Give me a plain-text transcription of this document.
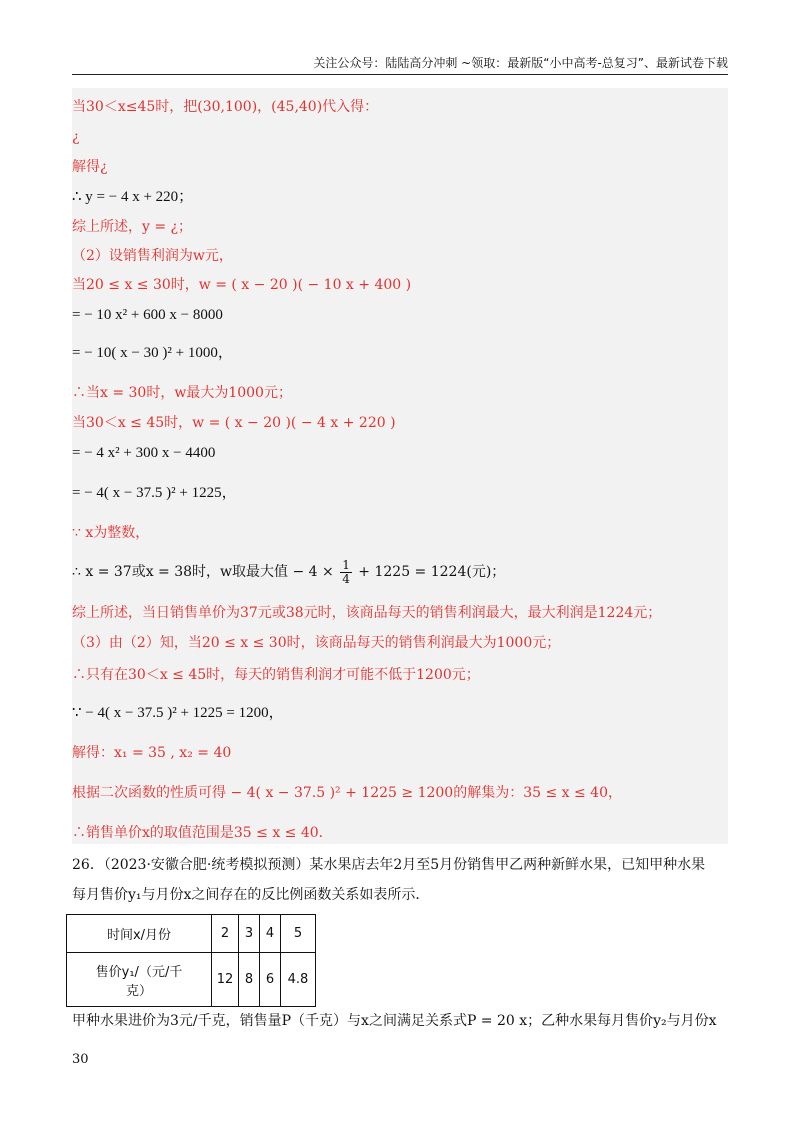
关注公众号：陆陆高分冲刺 ~领取：最新版“小中高考-总复习”、最新试卷下载
当30＜x≤45时，把(30,100)，(45,40)代入得：
¿
解得¿
∴ y = − 4 x + 220；
综上所述，y = ¿；
（2）设销售利润为w元，
当20 ≤ x ≤ 30时，w = ( x − 20 )( − 10 x + 400 )
= − 10 x² + 600 x − 8000
= − 10( x − 30 )² + 1000，
∴当x = 30时，w最大为1000元；
当30＜x ≤ 45时，w = ( x − 20 )( − 4 x + 220 )
= − 4 x² + 300 x − 4400
= − 4( x − 37.5 )² + 1225，
∵ x为整数，
∴ x = 37或x = 38时，w取最大值 − $4 \times \frac{1}{4} + 1225 = 1224$(元)；
综上所述，当日销售单价为37元或38元时，该商品每天的销售利润最大，最大利润是1224元；
（3）由（2）知，当20 ≤ x ≤ 30时，该商品每天的销售利润最大为1000元；
∴只有在30＜x ≤ 45时，每天的销售利润才可能不低于1200元；
∵ − 4( x − 37.5 )² + 1225 = 1200，
解得：x₁ = 35 , x₂ = 40
根据二次函数的性质可得 − 4( x − 37.5 )² + 1225 ≥ 1200的解集为：35 ≤ x ≤ 40，
∴销售单价x的取值范围是35 ≤ x ≤ 40．
26．（2023·安徽合肥·统考模拟预测）某水果店去年2月至5月份销售甲乙两种新鲜水果，已知甲种水果
每月售价y₁与月份x之间存在的反比例函数关系如表所示．
时间x/月份	2	3	4	5
售价y₁/（元/千
克）	12	8	6	4.8
甲种水果进价为3元/千克，销售量P（千克）与x之间满足关系式P = 20 x；乙种水果每月售价y₂与月份x
30
